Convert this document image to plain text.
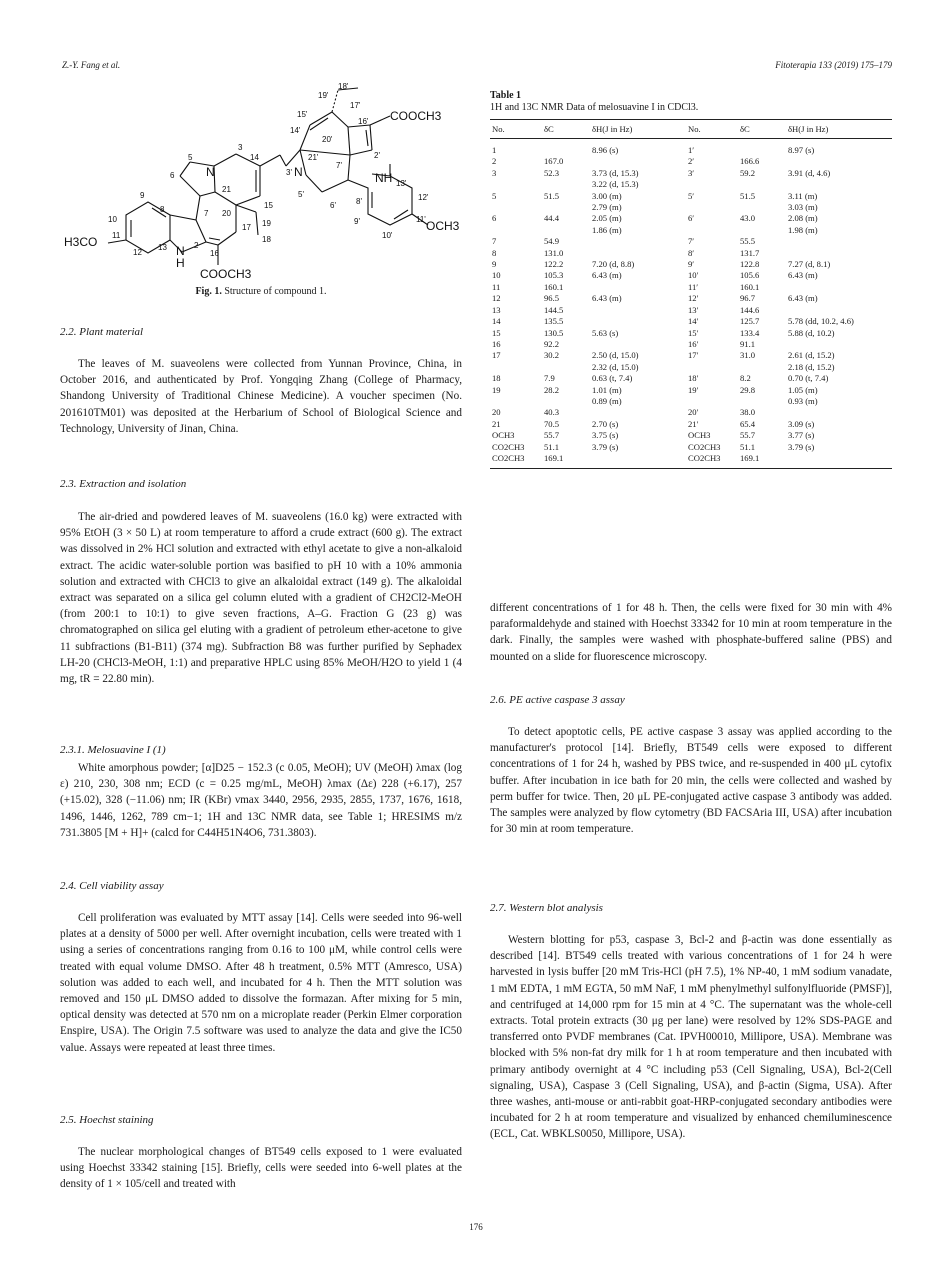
Z.-Y. Fang et al.	Fitoterapia 133 (2019) 175–179
18'
15'
19'
17'
14'
20'
16'
3'
21'	2'
7'
5'
6'	8'
13'
12'
9'	11'
10'
5
3
14
6
21
9
8
10
7 20
15
19
11
12
13	2
17
16
18
N	N
N
H
NH
COOCH3
COOCH3
H3CO
OCH3
Fig. 1. Structure of compound 1.
2.2. Plant material

The leaves of M. suaveolens were collected from Yunnan Province, China, in October 2016, and authenticated by Prof. Yongqing Zhang (College of Pharmacy, Shandong University of Traditional Chinese Medicine). A voucher specimen (No. 201610TM01) was deposited at the Herbarium of School of Biological Science and Technology, University of Jinan, China.

2.3. Extraction and isolation

The air-dried and powdered leaves of M. suaveolens (16.0 kg) were extracted with 95% EtOH (3 × 50 L) at room temperature to afford a crude extract (600 g). The extract was dissolved in 2% HCl solution and extracted with ethyl acetate to give a non-alkaloid extract. The acidic water-soluble portion was basified to pH 10 with a 10% ammonia solution and extracted with CHCl3 to give an alkaloidal extract (149 g). The alkaloidal extract was separated on a silica gel column eluted with a gradient of CH2Cl2-MeOH (from 200:1 to 10:1) to give seven fractions, A–G. Fraction G (23 g) was chromatographed on silica gel eluting with a gradient of petroleum ether-acetone to give 11 subfractions (B1-B11) (374 mg). Subfraction B8 was further purified by Sephadex LH-20 (CHCl3-MeOH, 1:1) and preparative HPLC using 85% MeOH/H2O to yield 1 (4 mg, tR = 22.80 min).

2.3.1. Melosuavine I (1)

White amorphous powder; [α]D25 − 152.3 (c 0.05, MeOH); UV (MeOH) λmax (log ε) 210, 230, 308 nm; ECD (c = 0.25 mg/mL, MeOH) λmax (Δε) 228 (+6.17), 257 (+15.02), 328 (−11.06) nm; IR (KBr) νmax 3440, 2956, 2935, 2855, 1737, 1676, 1618, 1496, 1446, 1262, 789 cm−1; 1H and 13C NMR data, see Table 1; HRESIMS m/z 731.3805 [M + H]+ (calcd for C44H51N4O6, 731.3803).

2.4. Cell viability assay

Cell proliferation was evaluated by MTT assay [14]. Cells were seeded into 96-well plates at a density of 5000 per well. After overnight incubation, cells were treated with 1 using a series of concentrations ranging from 0.16 to 100 μM, while control cells were treated with equal volume DMSO. After 48 h treatment, 0.5% MTT (Amresco, USA) solution was added to each well, and incubated for 4 h. Then the MTT solution was removed and 150 μL DMSO added to dissolve the formazan. After mixing for 5 min, optical density was detected at 570 nm on a microplate reader (Perkin Elmer corporation Enspire, USA). The Origin 7.5 software was used to analyze the data and give the IC50 value. Assays were repeated at least three times.

2.5. Hoechst staining

The nuclear morphological changes of BT549 cells exposed to 1 were evaluated using Hoechst 33342 staining [15]. Briefly, cells were seeded into 6-well plates at the density of 1 × 105/cell and treated with

Table 1
1H and 13C NMR Data of melosuavine I in CDCl3.
No.	δC	δH(J in Hz)	No.	δC	δH(J in Hz)
1		8.96 (s)	1′		8.97 (s)
2	167.0		2′	166.6	
3	52.3	3.73 (d, 15.3)	3′	59.2	3.91 (d, 4.6)
		3.22 (d, 15.3)			
5	51.5	3.00 (m)	5′	51.5	3.11 (m)
		2.79 (m)			3.03 (m)
6	44.4	2.05 (m)	6′	43.0	2.08 (m)
		1.86 (m)			1.98 (m)
7	54.9		7′	55.5	
8	131.0		8′	131.7	
9	122.2	7.20 (d, 8.8)	9′	122.8	7.27 (d, 8.1)
10	105.3	6.43 (m)	10′	105.6	6.43 (m)
11	160.1		11′	160.1	
12	96.5	6.43 (m)	12′	96.7	6.43 (m)
13	144.5		13′	144.6	
14	135.5		14′	125.7	5.78 (dd, 10.2, 4.6)
15	130.5	5.63 (s)	15′	133.4	5.88 (d, 10.2)
16	92.2		16′	91.1	
17	30.2	2.50 (d, 15.0)	17′	31.0	2.61 (d, 15.2)
		2.32 (d, 15.0)			2.18 (d, 15.2)
18	7.9	0.63 (t, 7.4)	18′	8.2	0.70 (t, 7.4)
19	28.2	1.01 (m)	19′	29.8	1.05 (m)
		0.89 (m)			0.93 (m)
20	40.3		20′	38.0	
21	70.5	2.70 (s)	21′	65.4	3.09 (s)
OCH3	55.7	3.75 (s)	OCH3	55.7	3.77 (s)
CO2CH3	51.1	3.79 (s)	CO2CH3	51.1	3.79 (s)
CO2CH3	169.1		CO2CH3	169.1	

different concentrations of 1 for 48 h. Then, the cells were fixed for 30 min with 4% paraformaldehyde and stained with Hoechst 33342 for 10 min at room temperature in the dark. Finally, the samples were washed with phosphate-buffered saline (PBS) and mounted on a slide for fluorescence microscopy.

2.6. PE active caspase 3 assay

To detect apoptotic cells, PE active caspase 3 assay was applied according to the manufacturer's protocol [14]. Briefly, BT549 cells were exposed to different concentrations of 1 for 24 h, washed by PBS twice, and re-suspended in 400 μL cytofix buffer. After incubation in ice bath for 20 min, the cells were collected and washed by perm buffer for twice. Then, 20 μL PE-conjugated active caspase 3 antibody was added. The samples were analyzed by flow cytometry (BD FACSAria III, USA) after incubation for 30 min at room temperature.

2.7. Western blot analysis

Western blotting for p53, caspase 3, Bcl-2 and β-actin was done essentially as described [14]. BT549 cells treated with various concentrations of 1 for 24 h were harvested in lysis buffer [20 mM Tris-HCl (pH 7.5), 1% NP-40, 1 mM sodium vanadate, 1 mM EDTA, 1 mM EGTA, 50 mM NaF, 1 mM phenylmethyl sulfonylfluoride (PMSF)], and centrifuged at 14,000 rpm for 15 min at 4 °C. The supernatant was the whole-cell extracts. Total protein extracts (30 μg per lane) were resolved by 12% SDS-PAGE and transferred onto PVDF membranes (Cat. IPVH00010, Millipore, USA). Membrane was blocked with 5% non-fat dry milk for 1 h at room temperature and then incubated with primary antibody overnight at 4 °C including p53 (Cell Signaling, USA), Bcl-2(Cell signaling, USA), Caspase 3 (Cell Signaling, USA), and β-actin (Sigma, USA). After three washes, anti-mouse or anti-rabbit goat-HRP-conjugated secondary antibodies were incubated for 2 h at room temperature and visualized by enhanced chemiluminescence (ECL, Cat. WBKLS0050, Millipore, USA).

176
